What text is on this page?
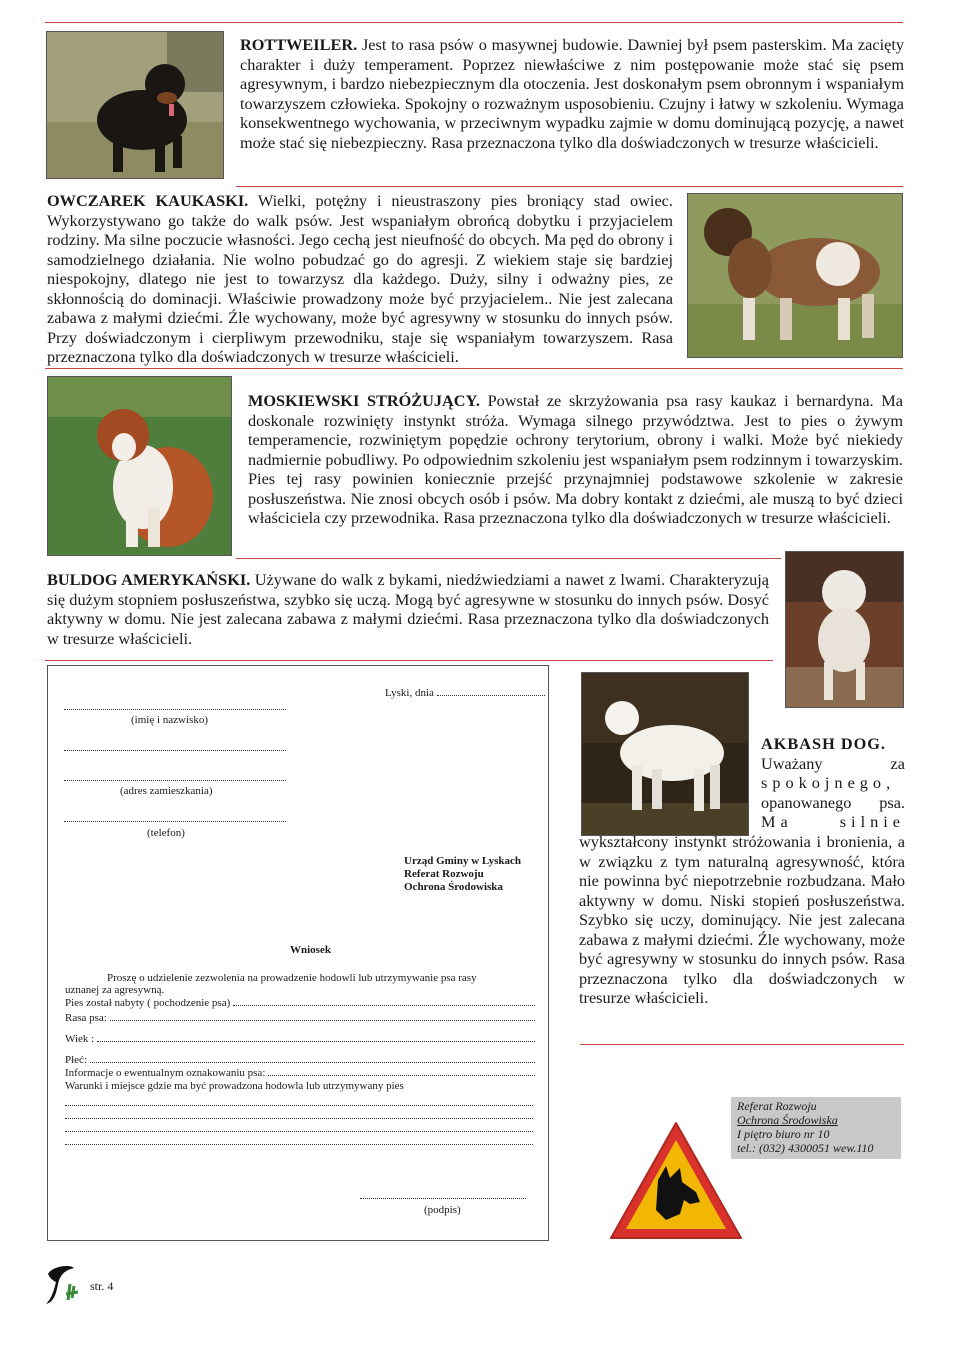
ROTTWEILER. Jest to rasa psów o masywnej budowie. Dawniej był psem pasterskim. Ma zacięty charakter i duży temperament. Poprzez niewłaściwe z nim postępowanie może stać się psem agresywnym, i bardzo niebezpiecznym dla otoczenia. Jest doskonałym psem obronnym i wspaniałym towarzyszem człowieka. Spokojny o rozważnym usposobieniu. Czujny i łatwy w szkoleniu. Wymaga konsekwentnego wychowania, w przeciwnym wypadku zajmie w domu dominującą pozycję, a nawet może stać się niebezpieczny. Rasa przeznaczona tylko dla doświadczonych w tresurze właścicieli.
OWCZAREK KAUKASKI. Wielki, potężny i nieustraszony pies broniący stad owiec. Wykorzystywano go także do walk psów. Jest wspaniałym obrońcą dobytku i przyjacielem rodziny. Ma silne poczucie własności. Jego cechą jest nieufność do obcych. Ma pęd do obrony i samodzielnego działania. Nie wolno pobudzać go do agresji. Z wiekiem staje się bardziej niespokojny, dlatego nie jest to towarzysz dla każdego. Duży, silny i odważny pies, ze skłonnością do dominacji. Właściwie prowadzony może być przyjacielem.. Nie jest zalecana zabawa z małymi dziećmi. Źle wychowany, może być agresywny w stosunku do innych psów. Przy doświadczonym i cierpliwym przewodniku, staje się wspaniałym towarzyszem. Rasa przeznaczona tylko dla doświadczonych w tresurze właścicieli.
MOSKIEWSKI STRÓŻUJĄCY. Powstał ze skrzyżowania psa rasy kaukaz i bernardyna. Ma doskonale rozwinięty instynkt stróża. Wymaga silnego przywództwa. Jest to pies o żywym temperamencie, rozwiniętym popędzie ochrony terytorium, obrony i walki. Może być niekiedy nadmiernie pobudliwy. Po odpowiednim szkoleniu jest wspaniałym psem rodzinnym i towarzyskim. Pies tej rasy powinien koniecznie przejść przynajmniej podstawowe szkolenie w zakresie posłuszeństwa. Nie znosi obcych osób i psów. Ma dobry kontakt z dziećmi, ale muszą to być dzieci właściciela czy przewodnika. Rasa przeznaczona tylko dla doświadczonych w tresurze właścicieli.
BULDOG AMERYKAŃSKI. Używane do walk z bykami, niedźwiedziami a nawet z lwami. Charakteryzują się dużym stopniem posłuszeństwa, szybko się uczą. Mogą być agresywne w stosunku do innych psów. Dosyć aktywny w domu. Nie jest zalecana zabawa z małymi dziećmi. Rasa przeznaczona tylko dla doświadczonych w tresurze właścicieli.
AKBASH DOG.
Uważany za
spokojnego,
opanowanego psa.
Ma silnie
wykształcony instynkt stróżowania i bronienia, a w związku z tym naturalną agresywność, która nie powinna być niepotrzebnie rozbudzana. Mało aktywny w domu. Niski stopień posłuszeństwa. Szybko się uczy, dominujący. Nie jest zalecana zabawa z małymi dziećmi. Źle wychowany, może być agresywny w stosunku do innych psów. Rasa przeznaczona tylko dla doświadczonych w tresurze właścicieli.
Lyski, dnia
(imię i nazwisko)
(adres zamieszkania)
(telefon)
Urząd Gminy w Lyskach
Referat Rozwoju
Ochrona Środowiska
Wniosek
Proszę o udzielenie zezwolenia na prowadzenie hodowli lub utrzymywanie psa rasy
uznanej za agresywną.
Pies został nabyty ( pochodzenie psa)
Rasa psa:
Wiek :
Płeć:
Informacje o ewentualnym oznakowaniu psa:
Warunki i miejsce gdzie ma być prowadzona hodowla lub utrzymywany pies
(podpis)
Referat Rozwoju
Ochrona Środowiska
I piętro biuro nr 10
tel.: (032) 4300051 wew.110
str. 4
